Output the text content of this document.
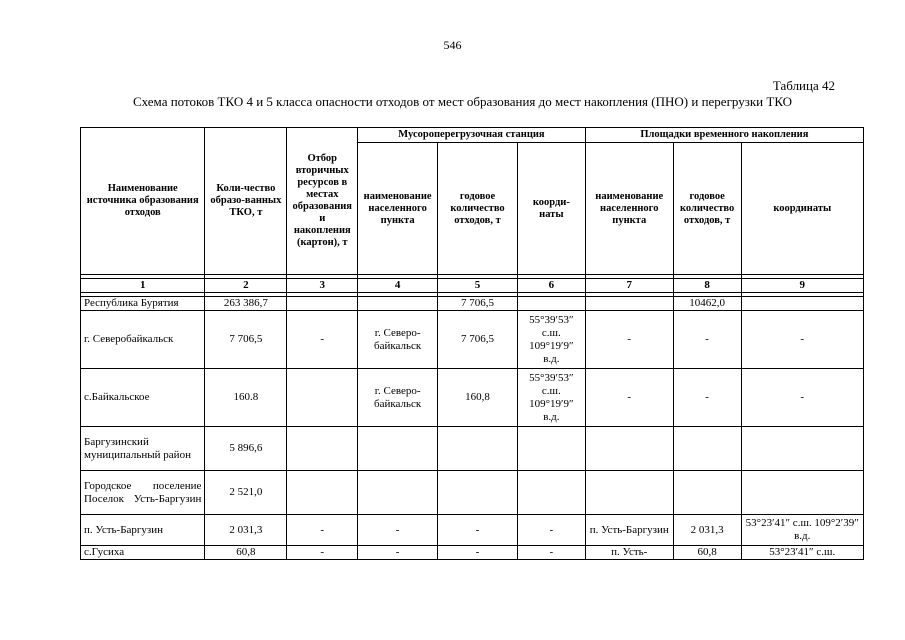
546
Таблица 42
Схема потоков ТКО 4 и 5 класса опасности отходов от мест образования до мест накопления (ПНО) и перегрузки ТКО
Наименование источника образования отходов	Коли-чество образо-ванных ТКО, т	Отбор вторичных ресурсов в местах образования и накопления (картон), т	Мусороперегрузочная станция			Площадки временного накопления		
			наименование населенного пункта	годовое количество отходов, т	коорди-наты	наименование населенного пункта	годовое количество отходов, т	координаты

1	2	3	4	5	6	7	8	9

Республика Бурятия	263 386,7			7 706,5			10462,0	
г. Северобайкальск	7 706,5	-	г. Северо-байкальск	7 706,5	55°39′53″ с.ш. 109°19′9″ в.д.	-	-	-
с.Байкальское	160.8		г. Северо-байкальск	160,8	55°39′53″ с.ш. 109°19′9″ в.д.	-	-	-
Баргузинский муниципальный район	5 896,6							
Городское поселение Поселок Усть-Баргузин	2 521,0							
п. Усть-Баргузин	2 031,3	-	-	-	-	п. Усть-Баргузин	2 031,3	53°23′41″ с.ш. 109°2′39″ в.д.
с.Гусиха	60,8	-	-	-	-	п. Усть-	60,8	53°23′41″ с.ш.
